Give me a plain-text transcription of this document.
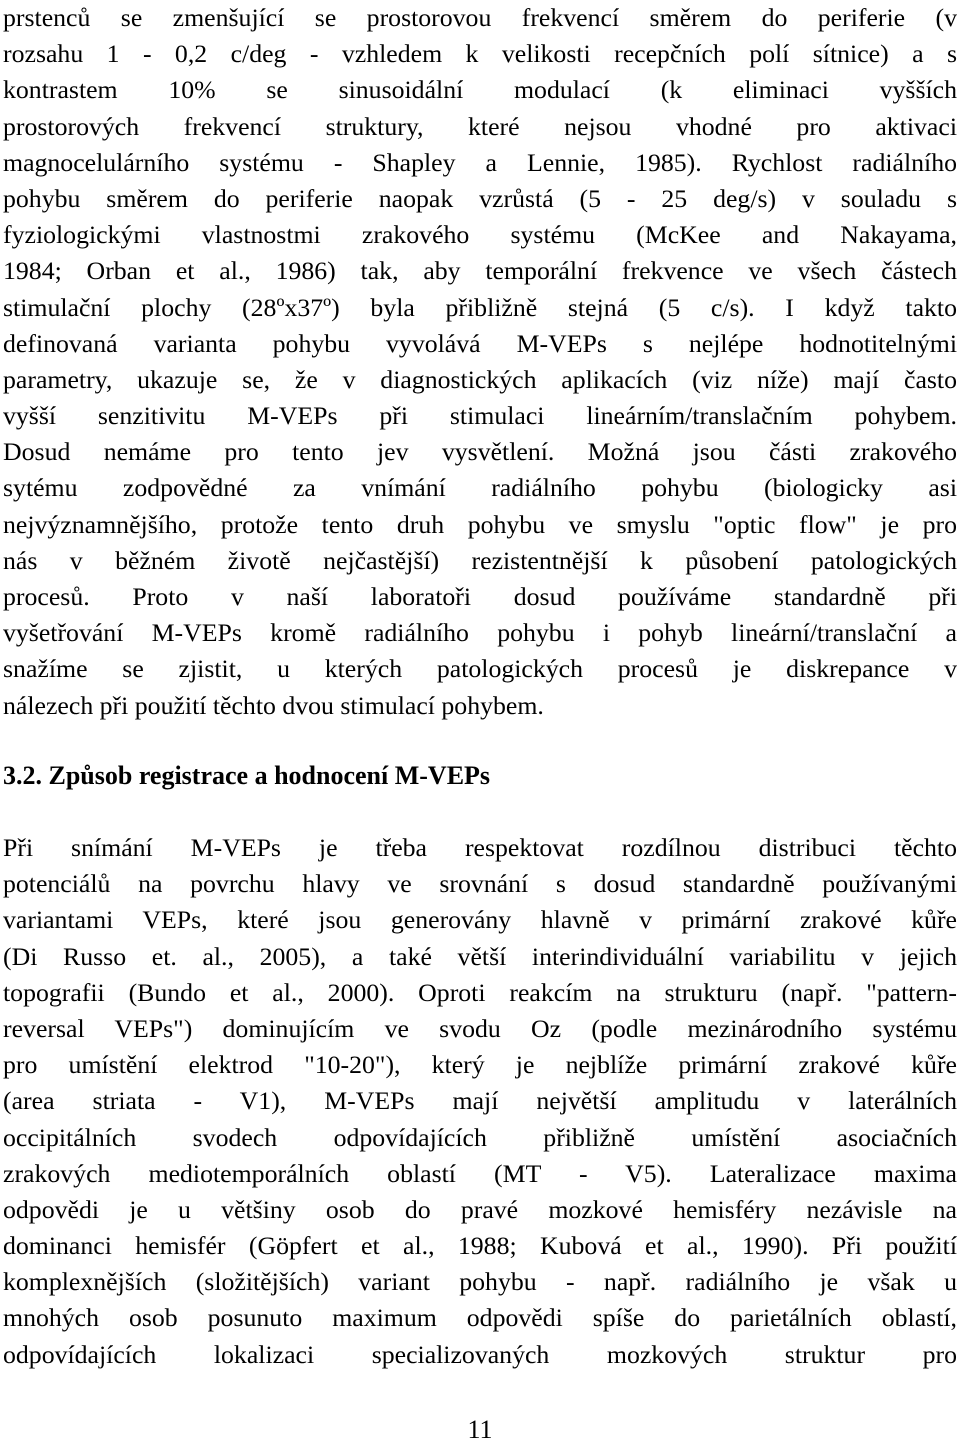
prstenců se zmenšující se prostorovou frekvencí směrem do periferie (v
rozsahu 1 - 0,2 c/deg - vzhledem k velikosti recepčních polí sítnice) a s
kontrastem 10% se sinusoidální modulací (k eliminaci vyšších
prostorových frekvencí struktury, které nejsou vhodné pro aktivaci
magnocelulárního systému - Shapley a Lennie, 1985). Rychlost radiálního
pohybu směrem do periferie naopak vzrůstá (5 - 25 deg/s) v souladu s
fyziologickými vlastnostmi zrakového systému (McKee and Nakayama,
1984; Orban et al., 1986) tak, aby temporální frekvence ve všech částech
stimulační plochy (28ºx37º) byla přibližně stejná (5 c/s). I když takto
definovaná varianta pohybu vyvolává M-VEPs s nejlépe hodnotitelnými
parametry, ukazuje se, že v diagnostických aplikacích (viz níže) mají často
vyšší senzitivitu M-VEPs při stimulaci lineárním/translačním pohybem.
Dosud nemáme pro tento jev vysvětlení. Možná jsou části zrakového
sytému zodpovědné za vnímání radiálního pohybu (biologicky asi
nejvýznamnějšího, protože tento druh pohybu ve smyslu "optic flow" je pro
nás v běžném životě nejčastější) rezistentnější k působení patologických
procesů. Proto v naší laboratoři dosud používáme standardně při
vyšetřování M-VEPs kromě radiálního pohybu i pohyb lineární/translační a
snažíme se zjistit, u kterých patologických procesů je diskrepance v
nálezech při použití těchto dvou stimulací pohybem.
3.2. Způsob registrace a hodnocení M-VEPs
Při snímání M-VEPs je třeba respektovat rozdílnou distribuci těchto
potenciálů na povrchu hlavy ve srovnání s dosud standardně používanými
variantami VEPs, které jsou generovány hlavně v primární zrakové kůře
(Di Russo et. al., 2005), a také větší interindividuální variabilitu v jejich
topografii (Bundo et al., 2000). Oproti reakcím na strukturu (např. "pattern-
reversal VEPs") dominujícím ve svodu Oz (podle mezinárodního systému
pro umístění elektrod "10-20"), který je nejblíže primární zrakové kůře
(area striata - V1), M-VEPs mají největší amplitudu v laterálních
occipitálních svodech odpovídajících přibližně umístění asociačních
zrakových mediotemporálních oblastí (MT - V5). Lateralizace maxima
odpovědi je u většiny osob do pravé mozkové hemisféry nezávisle na
dominanci hemisfér (Göpfert et al., 1988; Kubová et al., 1990). Při použití
komplexnějších (složitějších) variant pohybu - např. radiálního je však u
mnohých osob posunuto maximum odpovědi spíše do parietálních oblastí,
odpovídajících lokalizaci specializovaných mozkových struktur pro
11
